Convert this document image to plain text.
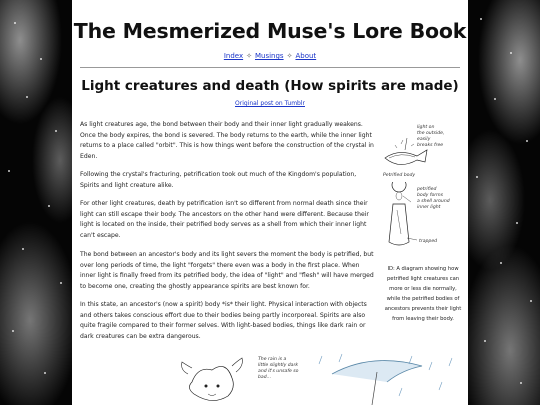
The Mesmerized Muse's Lore Book
Index ✧ Musings ✧ About
Light creatures and death (How spirits are made)
Original post on Tumblr

As light creatures age, the bond between their body and their inner light gradually weakens. Once the body expires, the bond is severed. The body returns to the earth, while the inner light returns to a place called "orbit". This is how things went before the construction of the crystal in Eden.

Following the crystal's fracturing, petrification took out much of the Kingdom's population, Spirits and light creature alike.

For other light creatures, death by petrification isn't so different from normal death since their light can still escape their body. The ancestors on the other hand were different. Because their light is located on the inside, their petrified body serves as a shell from which their inner light can't escape.

The bond between an ancestor's body and its light severs the moment the body is petrified, but over long periods of time, the light "forgets" there even was a body in the first place. When inner light is finally freed from its petrified body, the idea of "light" and "flesh" will have merged to become one, creating the ghostly appearance spirits are best known for.

In this state, an ancestor's (now a spirit) body *is* their light. Physical interaction with objects and others takes conscious effort due to their bodies being partly incorporeal. Spirits are also quite fragile compared to their former selves. With light-based bodies, things like dark rain or dark creatures can be extra dangerous.

light on
the outside,
easily
breaks free
Petrified body
petrified
body forms
a shell around
inner light
trapped
ID: A diagram showing how petrified light creatures can more or less die normally, while the petrified bodies of ancestors prevents their light from leaving their body.
The rain is a
little slightly dark
and it's unsafe so
bad...
